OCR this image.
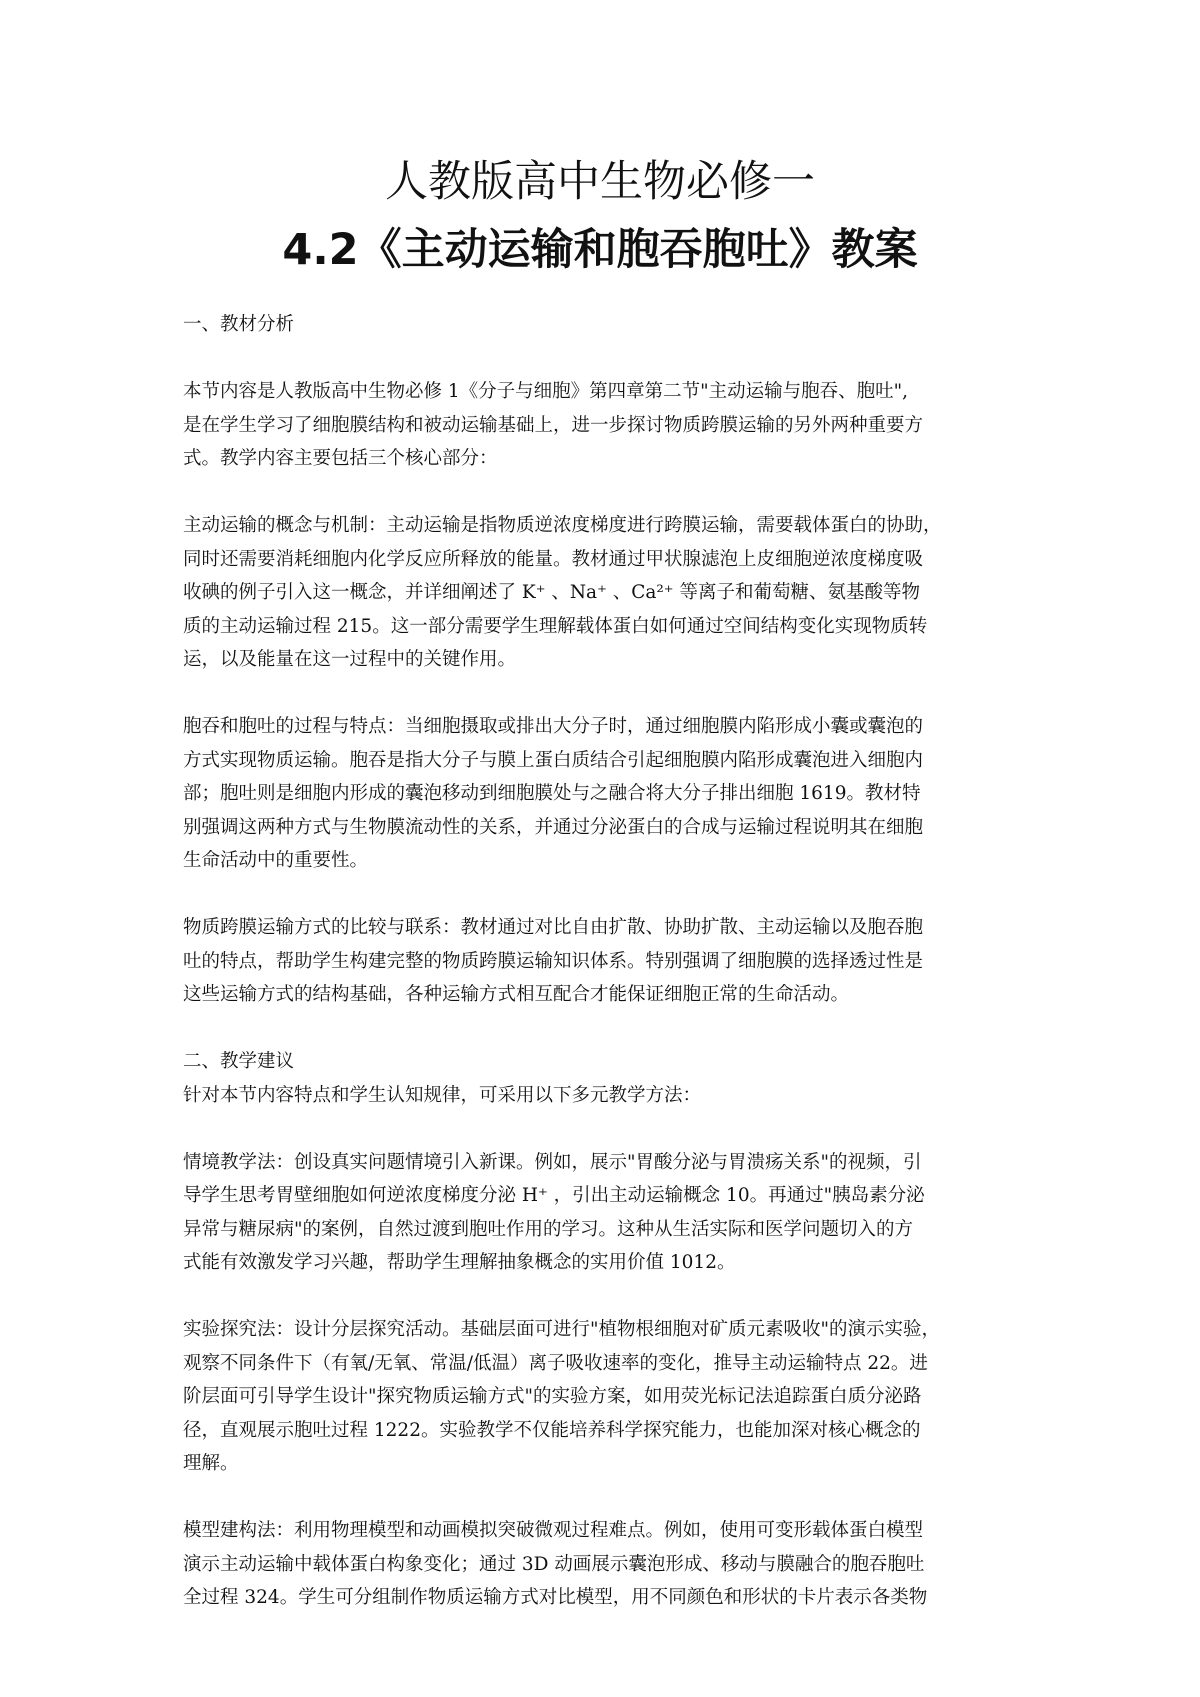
人教版高中生物必修一

4.2《主动运输和胞吞胞吐》教案

一、教材分析

本节内容是人教版高中生物必修 1《分子与细胞》第四章第二节"主动运输与胞吞、胞吐",
是在学生学习了细胞膜结构和被动运输基础上，进一步探讨物质跨膜运输的另外两种重要方
式。教学内容主要包括三个核心部分：

主动运输的概念与机制：主动运输是指物质逆浓度梯度进行跨膜运输，需要载体蛋白的协助，
同时还需要消耗细胞内化学反应所释放的能量。教材通过甲状腺滤泡上皮细胞逆浓度梯度吸
收碘的例子引入这一概念，并详细阐述了 K⁺ 、Na⁺ 、Ca²⁺ 等离子和葡萄糖、氨基酸等物
质的主动运输过程 215。这一部分需要学生理解载体蛋白如何通过空间结构变化实现物质转
运，以及能量在这一过程中的关键作用。

胞吞和胞吐的过程与特点：当细胞摄取或排出大分子时，通过细胞膜内陷形成小囊或囊泡的
方式实现物质运输。胞吞是指大分子与膜上蛋白质结合引起细胞膜内陷形成囊泡进入细胞内
部；胞吐则是细胞内形成的囊泡移动到细胞膜处与之融合将大分子排出细胞 1619。教材特
别强调这两种方式与生物膜流动性的关系，并通过分泌蛋白的合成与运输过程说明其在细胞
生命活动中的重要性。

物质跨膜运输方式的比较与联系：教材通过对比自由扩散、协助扩散、主动运输以及胞吞胞
吐的特点，帮助学生构建完整的物质跨膜运输知识体系。特别强调了细胞膜的选择透过性是
这些运输方式的结构基础，各种运输方式相互配合才能保证细胞正常的生命活动。

二、教学建议

针对本节内容特点和学生认知规律，可采用以下多元教学方法：

情境教学法：创设真实问题情境引入新课。例如，展示"胃酸分泌与胃溃疡关系"的视频，引
导学生思考胃壁细胞如何逆浓度梯度分泌 H⁺ ，引出主动运输概念 10。再通过"胰岛素分泌
异常与糖尿病"的案例，自然过渡到胞吐作用的学习。这种从生活实际和医学问题切入的方
式能有效激发学习兴趣，帮助学生理解抽象概念的实用价值 1012。

实验探究法：设计分层探究活动。基础层面可进行"植物根细胞对矿质元素吸收"的演示实验，
观察不同条件下（有氧/无氧、常温/低温）离子吸收速率的变化，推导主动运输特点 22。进
阶层面可引导学生设计"探究物质运输方式"的实验方案，如用荧光标记法追踪蛋白质分泌路
径，直观展示胞吐过程 1222。实验教学不仅能培养科学探究能力，也能加深对核心概念的
理解。

模型建构法：利用物理模型和动画模拟突破微观过程难点。例如，使用可变形载体蛋白模型
演示主动运输中载体蛋白构象变化；通过 3D 动画展示囊泡形成、移动与膜融合的胞吞胞吐
全过程 324。学生可分组制作物质运输方式对比模型，用不同颜色和形状的卡片表示各类物
